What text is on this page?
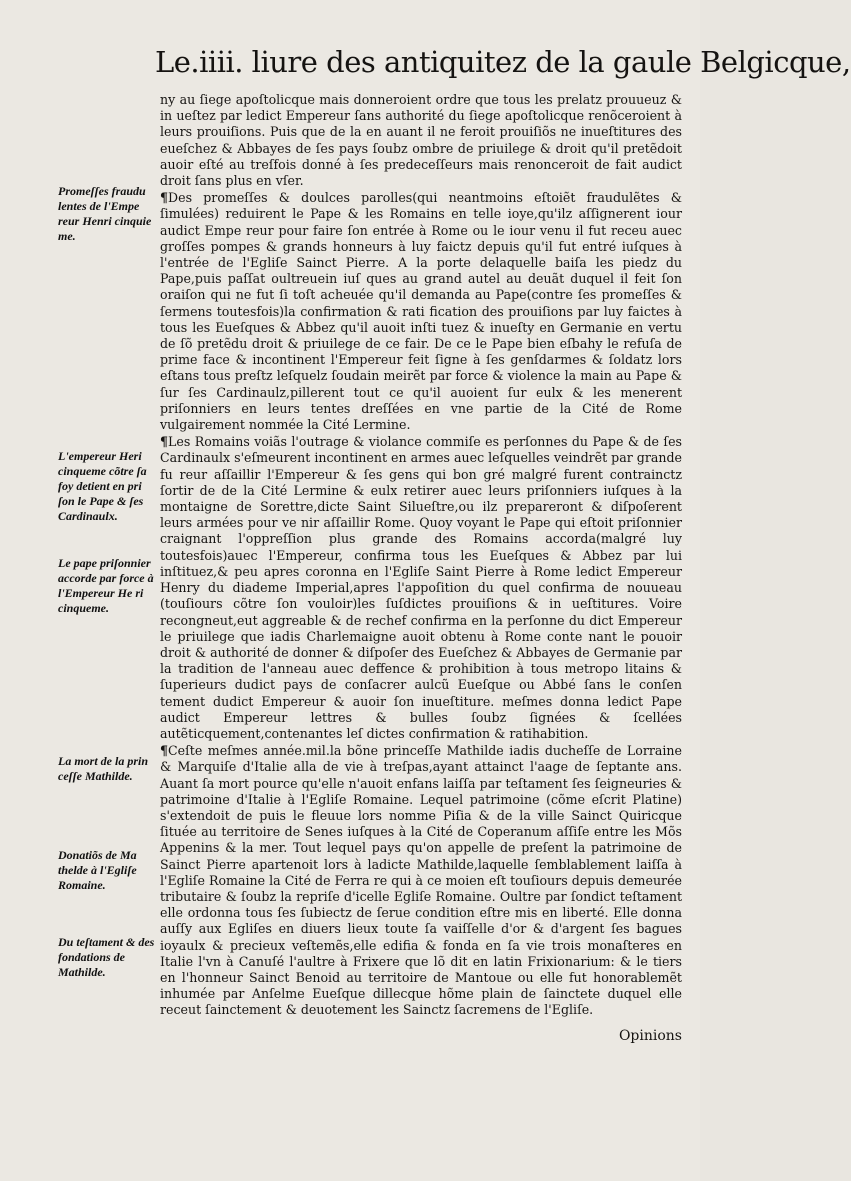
Le.iiii. liure des antiquitez de la gaule Belgicque,
Promeſſes fraudu lentes de l'Empe reur Henri cinquie me.
L'empereur Heri cinqueme cõtre ſa foy detient en pri ſon le Pape & ſes Cardinaulx.
Le pape priſonnier accorde par force à l'Empereur He ri cinqueme.
La mort de la prin ceſſe Mathilde.
Donatiõs de Ma thelde à l'Egliſe Romaine.
Du teſtament & des fondations de Mathilde.

ny au ſiege apoſtolicque mais donneroient ordre que tous les prelatz prouueuz & in ueſtez par ledict Empereur ſans authorité du ſiege apoſtolicque renõceroient à leurs prouiſions. Puis que de la en auant il ne feroit prouiſiõs ne inueſtitures des eueſchez & Abbayes de ſes pays ſoubz ombre de priuilege & droit qu'il pretẽdoit auoir eſté au treſfois donné à ſes predeceſſeurs mais renonceroit de fait audict droit ſans plus en vſer.

¶Des promeſſes & doulces parolles(qui neantmoins eſtoiẽt fraudulẽtes & ſimulées) reduirent le Pape & les Romains en telle ioye,qu'ilz aſſignerent iour audict Empe reur pour faire ſon entrée à Rome ou le iour venu il fut receu auec groſſes pompes & grands honneurs à luy faictz depuis qu'il fut entré iuſques à l'entrée de l'Egliſe Sainct Pierre. A la porte delaquelle baiſa les piedz du Pape,puis paſſat oultreuein iuſ ques au grand autel au deuãt duquel il feit ſon oraiſon qui ne fut ſi toſt acheuée qu'il demanda au Pape(contre ſes promeſſes & ſermens toutesfois)la confirmation & rati fication des prouiſions par luy faictes à tous les Eueſques & Abbez qu'il auoit inſti tuez & inueſty en Germanie en vertu de ſõ pretẽdu droit & priuilege de ce fair. De ce le Pape bien eſbahy le refuſa de prime face & incontinent l'Empereur feit ſigne à ſes genſdarmes & ſoldatz lors eſtans tous preſtz leſquelz ſoudain meirẽt par force & violence la main au Pape & ſur ſes Cardinaulz,pillerent tout ce qu'il auoient ſur eulx & les menerent priſonniers en leurs tentes dreſſées en vne partie de la Cité de Rome vulgairement nommée la Cité Lermine.

¶Les Romains voiãs l'outrage & violance commiſe es perſonnes du Pape & de ſes Cardinaulx s'eſmeurent incontinent en armes auec leſquelles veindrẽt par grande fu reur aſſaillir l'Empereur & ſes gens qui bon gré malgré furent contrainctz ſortir de de la Cité Lermine & eulx retirer auec leurs priſonniers iuſques à la montaigne de Sorettre,dicte Saint Silueſtre,ou ilz prepareront & diſpoſerent leurs armées pour ve nir aſſaillir Rome. Quoy voyant le Pape qui eſtoit priſonnier craignant l'oppreſſion plus grande des Romains accorda(malgré luy toutesfois)auec l'Empereur, confirma tous les Eueſques & Abbez par lui inſtituez,& peu apres coronna en l'Egliſe Saint Pierre à Rome ledict Empereur Henry du diademe Imperial,apres l'appoſition du quel confirma de nouueau (touſiours cõtre ſon vouloir)les ſuſdictes prouiſions & in ueſtitures. Voire recongneut,eut aggreable & de rechef confirma en la perſonne du dict Empereur le priuilege que iadis Charlemaigne auoit obtenu à Rome conte nant le pouoir droit & authorité de donner & diſpoſer des Eueſchez & Abbayes de Germanie par la tradition de l'anneau auec deffence & prohibition à tous metropo litains & ſuperieurs dudict pays de conſacrer aulcũ Eueſque ou Abbé ſans le conſen tement dudict Empereur & auoir ſon inueſtiture. meſmes donna ledict Pape audict Empereur lettres & bulles ſoubz ſignées & ſcellées autẽticquement,contenantes leſ dictes confirmation & ratihabition.

¶Ceſte meſmes année.mil.la bõne princeſſe Mathilde iadis ducheſſe de Lorraine & Marquiſe d'Italie alla de vie à treſpas,ayant attainct l'aage de ſeptante ans. Auant ſa mort pource qu'elle n'auoit enfans laiſſa par teſtament ſes ſeigneuries & patrimoine d'Italie à l'Egliſe Romaine. Lequel patrimoine (cõme eſcrit Platine) s'extendoit de puis le fleuue lors nomme Piſia & de la ville Sainct Quiricque ſituée au territoire de Senes iuſques à la Cité de Coperanum aſſiſe entre les Mõs Appenins & la mer. Tout lequel pays qu'on appelle de preſent la patrimoine de Sainct Pierre apartenoit lors à ladicte Mathilde,laquelle ſemblablement laiſſa à l'Egliſe Romaine la Cité de Ferra re qui à ce moien eſt touſiours depuis demeurée tributaire & ſoubz la repriſe d'icelle Egliſe Romaine. Oultre par ſondict teſtament elle ordonna tous ſes ſubiectz de ſerue condition eſtre mis en liberté. Elle donna auſſy aux Egliſes en diuers lieux toute ſa vaiſſelle d'or & d'argent ſes bagues ioyaulx & precieux veſtemẽs,elle edifia & fonda en ſa vie trois monaſteres en Italie l'vn à Canuſé l'aultre à Frixere que lõ dit en latin Frixionarium: & le tiers en l'honneur Sainct Benoid au territoire de Mantoue ou elle fut honorablemẽt inhumée par Anſelme Eueſque dillecque hõme plain de ſainctete duquel elle receut ſainctement & deuotement les Sainctz ſacremens de l'Egliſe.

Opinions
